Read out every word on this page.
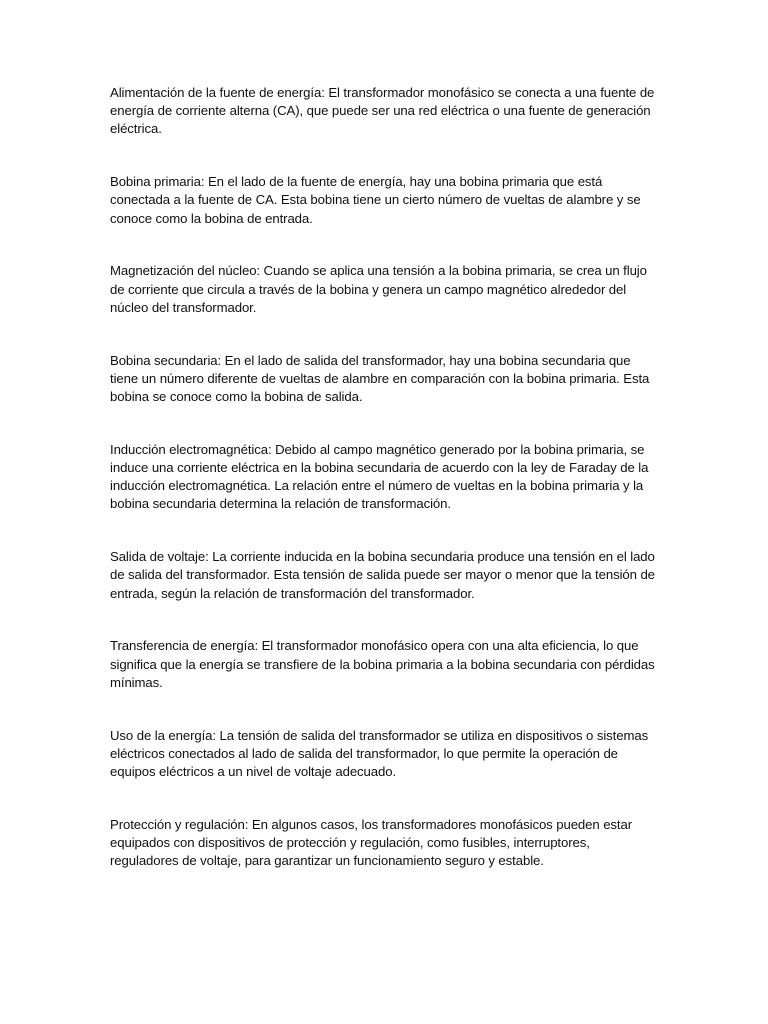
Alimentación de la fuente de energía: El transformador monofásico se conecta a una fuente de energía de corriente alterna (CA), que puede ser una red eléctrica o una fuente de generación eléctrica.

Bobina primaria: En el lado de la fuente de energía, hay una bobina primaria que está conectada a la fuente de CA. Esta bobina tiene un cierto número de vueltas de alambre y se conoce como la bobina de entrada.

Magnetización del núcleo: Cuando se aplica una tensión a la bobina primaria, se crea un flujo de corriente que circula a través de la bobina y genera un campo magnético alrededor del núcleo del transformador.

Bobina secundaria: En el lado de salida del transformador, hay una bobina secundaria que tiene un número diferente de vueltas de alambre en comparación con la bobina primaria. Esta bobina se conoce como la bobina de salida.

Inducción electromagnética: Debido al campo magnético generado por la bobina primaria, se induce una corriente eléctrica en la bobina secundaria de acuerdo con la ley de Faraday de la inducción electromagnética. La relación entre el número de vueltas en la bobina primaria y la bobina secundaria determina la relación de transformación.

Salida de voltaje: La corriente inducida en la bobina secundaria produce una tensión en el lado de salida del transformador. Esta tensión de salida puede ser mayor o menor que la tensión de entrada, según la relación de transformación del transformador.

Transferencia de energía: El transformador monofásico opera con una alta eficiencia, lo que significa que la energía se transfiere de la bobina primaria a la bobina secundaria con pérdidas mínimas.

Uso de la energía: La tensión de salida del transformador se utiliza en dispositivos o sistemas eléctricos conectados al lado de salida del transformador, lo que permite la operación de equipos eléctricos a un nivel de voltaje adecuado.

Protección y regulación: En algunos casos, los transformadores monofásicos pueden estar equipados con dispositivos de protección y regulación, como fusibles, interruptores, reguladores de voltaje, para garantizar un funcionamiento seguro y estable.
